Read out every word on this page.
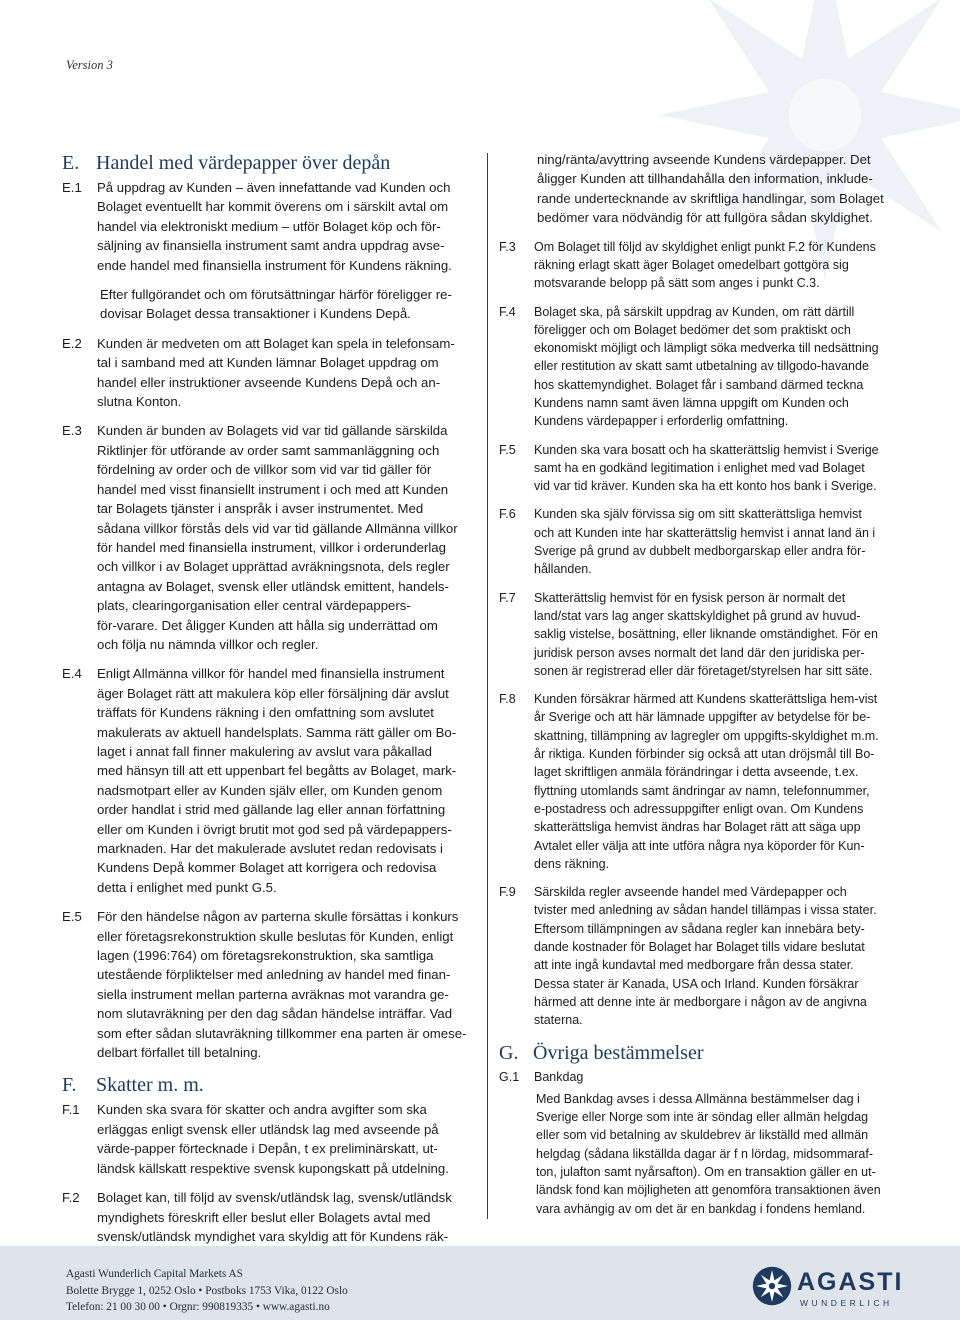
Version 3
E. Handel med värdepapper över depån
E.1	På uppdrag av Kunden – även innefattande vad Kunden och
Bolaget eventuellt har kommit överens om i särskilt avtal om
handel via elektroniskt medium – utför Bolaget köp och för-
säljning av finansiella instrument samt andra uppdrag avse-
ende handel med finansiella instrument för Kundens räkning.
Efter fullgörandet och om förutsättningar härför föreligger re-
dovisar Bolaget dessa transaktioner i Kundens Depå.
E.2	Kunden är medveten om att Bolaget kan spela in telefonsam-
tal i samband med att Kunden lämnar Bolaget uppdrag om
handel eller instruktioner avseende Kundens Depå och an-
slutna Konton.
E.3	Kunden är bunden av Bolagets vid var tid gällande särskilda
Riktlinjer för utförande av order samt sammanläggning och
fördelning av order och de villkor som vid var tid gäller för
handel med visst finansiellt instrument i och med att Kunden
tar Bolagets tjänster i anspråk i avser instrumentet. Med
sådana villkor förstås dels vid var tid gällande Allmänna villkor
för handel med finansiella instrument, villkor i orderunderlag
och villkor i av Bolaget upprättad avräkningsnota, dels regler
antagna av Bolaget, svensk eller utländsk emittent, handels-
plats, clearingorganisation eller central värdepappers-
för-varare. Det åligger Kunden att hålla sig underrättad om
och följa nu nämnda villkor och regler.
E.4	Enligt Allmänna villkor för handel med finansiella instrument
äger Bolaget rätt att makulera köp eller försäljning där avslut
träffats för Kundens räkning i den omfattning som avslutet
makulerats av aktuell handelsplats. Samma rätt gäller om Bo-
laget i annat fall finner makulering av avslut vara påkallad
med hänsyn till att ett uppenbart fel begåtts av Bolaget, mark-
nadsmotpart eller av Kunden själv eller, om Kunden genom
order handlat i strid med gällande lag eller annan författning
eller om Kunden i övrigt brutit mot god sed på värdepappers-
marknaden. Har det makulerade avslutet redan redovisats i
Kundens Depå kommer Bolaget att korrigera och redovisa
detta i enlighet med punkt G.5.
E.5	För den händelse någon av parterna skulle försättas i konkurs
eller företagsrekonstruktion skulle beslutas för Kunden, enligt
lagen (1996:764) om företagsrekonstruktion, ska samtliga
utestående förpliktelser med anledning av handel med finan-
siella instrument mellan parterna avräknas mot varandra ge-
nom slutavräkning per den dag sådan händelse inträffar. Vad
som efter sådan slutavräkning tillkommer ena parten är omese-
delbart förfallet till betalning.
F. Skatter m. m.
F.1	Kunden ska svara för skatter och andra avgifter som ska
erläggas enligt svensk eller utländsk lag med avseende på
värde-papper förtecknade i Depån, t ex preliminärskatt, ut-
ländsk källskatt respektive svensk kupongskatt på utdelning.
F.2	Bolaget kan, till följd av svensk/utländsk lag, svensk/utländsk
myndighets föreskrift eller beslut eller Bolagets avtal med
svensk/utländsk myndighet vara skyldig att för Kundens räk-

ning/ränta/avyttring avseende Kundens värdepapper. Det
åligger Kunden att tillhandahålla den information, inklude-
rande undertecknande av skriftliga handlingar, som Bolaget
bedömer vara nödvändig för att fullgöra sådan skyldighet.
F.3	Om Bolaget till följd av skyldighet enligt punkt F.2 för Kundens
räkning erlagt skatt äger Bolaget omedelbart gottgöra sig
motsvarande belopp på sätt som anges i punkt C.3.
F.4	Bolaget ska, på särskilt uppdrag av Kunden, om rätt därtill
föreligger och om Bolaget bedömer det som praktiskt och
ekonomiskt möjligt och lämpligt söka medverka till nedsättning
eller restitution av skatt samt utbetalning av tillgodo-havande
hos skattemyndighet. Bolaget får i samband därmed teckna
Kundens namn samt även lämna uppgift om Kunden och
Kundens värdepapper i erforderlig omfattning.
F.5	Kunden ska vara bosatt och ha skatterättslig hemvist i Sverige
samt ha en godkänd legitimation i enlighet med vad Bolaget
vid var tid kräver. Kunden ska ha ett konto hos bank i Sverige.
F.6	Kunden ska själv förvissa sig om sitt skatterättsliga hemvist
och att Kunden inte har skatterättslig hemvist i annat land än i
Sverige på grund av dubbelt medborgarskap eller andra för-
hållanden.
F.7	Skatterättslig hemvist för en fysisk person är normalt det
land/stat vars lag anger skattskyldighet på grund av huvud-
saklig vistelse, bosättning, eller liknande omständighet. För en
juridisk person avses normalt det land där den juridiska per-
sonen är registrerad eller där företaget/styrelsen har sitt säte.
F.8	Kunden försäkrar härmed att Kundens skatterättsliga hem-vist
år Sverige och att här lämnade uppgifter av betydelse för be-
skattning, tillämpning av lagregler om uppgifts-skyldighet m.m.
år riktiga. Kunden förbinder sig också att utan dröjsmål till Bo-
laget skriftligen anmäla förändringar i detta avseende, t.ex.
flyttning utomlands samt ändringar av namn, telefonnummer,
e-postadress och adressuppgifter enligt ovan. Om Kundens
skatterättsliga hemvist ändras har Bolaget rätt att säga upp
Avtalet eller välja att inte utföra några nya köporder för Kun-
dens räkning.
F.9	Särskilda regler avseende handel med Värdepapper och
tvister med anledning av sådan handel tillämpas i vissa stater.
Eftersom tillämpningen av sådana regler kan innebära bety-
dande kostnader för Bolaget har Bolaget tills vidare beslutat
att inte ingå kundavtal med medborgare från dessa stater.
Dessa stater är Kanada, USA och Irland. Kunden försäkrar
härmed att denne inte är medborgare i någon av de angivna
staterna.
G. Övriga bestämmelser
G.1	Bankdag
Med Bankdag avses i dessa Allmänna bestämmelser dag i
Sverige eller Norge som inte är söndag eller allmän helgdag
eller som vid betalning av skuldebrev är likställd med allmän
helgdag (sådana likställda dagar är f n lördag, midsommaraf-
ton, julafton samt nyårsafton). Om en transaktion gäller en ut-
ländsk fond kan möjligheten att genomföra transaktionen även
vara avhängig av om det är en bankdag i fondens hemland.
Agasti Wunderlich Capital Markets AS
Bolette Brygge 1, 0252 Oslo • Postboks 1753 Vika, 0122 Oslo
Telefon: 21 00 30 00 • Orgnr: 990819335 • www.agasti.no
AGASTI
WUNDERLICH
